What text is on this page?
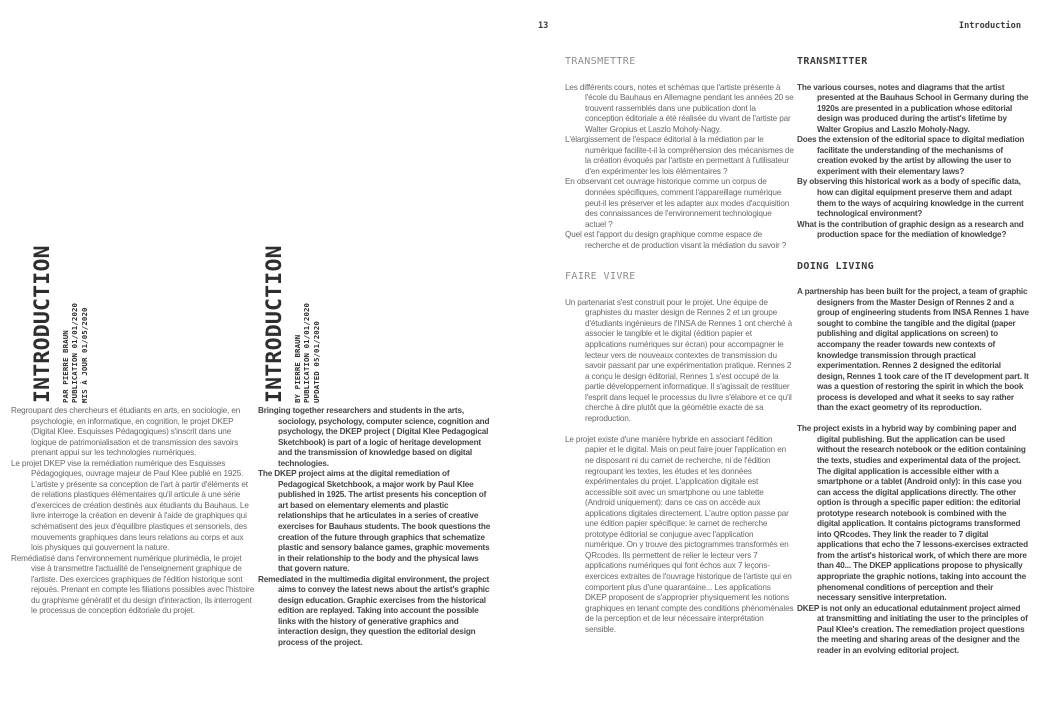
INTRODUCTION PAR PIERRE BRAUN PUBLICATION 01/01/2020 MIS À JOUR 01/05/2020	INTRODUCTION BY PIERRE BRAUN PUBLICATION 01/01/2020 UPDATED 05/01/2020

Regroupant des chercheurs et étudiants en arts, en sociologie, en psychologie, en informatique, en cognition, le projet DKEP (Digital Klee. Esquisses Pédagogiques) s'inscrit dans une logique de patrimonialisation et de transmission des savoirs prenant appui sur les technologies numériques.

Le projet DKEP vise la remédiation numérique des Esquisses Pédagogiques, ouvrage majeur de Paul Klee publié en 1925. L'artiste y présente sa conception de l'art à partir d'éléments et de relations plastiques élémentaires qu'il articule à une série d'exercices de création destinés aux étudiants du Bauhaus. Le livre interroge la création en devenir à l'aide de graphiques qui schématisent des jeux d'équilibre plastiques et sensoriels, des mouvements graphiques dans leurs relations au corps et aux lois physiques qui gouvernent la nature.

Remédiatisé dans l'environnement numérique plurimédia, le projet vise à transmettre l'actualité de l'enseignement graphique de l'artiste. Des exercices graphiques de l'édition historique sont rejoués. Prenant en compte les filiations possibles avec l'histoire du graphisme génératif et du design d'interaction, ils interrogent le processus de conception éditoriale du projet.

Bringing together researchers and students in the arts, sociology, psychology, computer science, cognition and psychology, the DKEP project ( Digital Klee Pedagogical Sketchbook) is part of a logic of heritage development and the transmission of knowledge based on digital technologies.

The DKEP project aims at the digital remediation of Pedagogical Sketchbook, a major work by Paul Klee published in 1925. The artist presents his conception of art based on elementary elements and plastic relationships that he articulates in a series of creative exercises for Bauhaus students. The book questions the creation of the future through graphics that schematize plastic and sensory balance games, graphic movements in their relationship to the body and the physical laws that govern nature.

Remediated in the multimedia digital environment, the project aims to convey the latest news about the artist's graphic design education. Graphic exercises from the historical edition are replayed. Taking into account the possible links with the history of generative graphics and interaction design, they question the editorial design process of the project.

13	Introduction
TRANSMETTRE

Les différents cours, notes et schémas que l'artiste présente à l'école du Bauhaus en Allemagne pendant les années 20 se trouvent rassemblés dans une publication dont la conception éditoriale a été réalisée du vivant de l'artiste par Walter Gropius et Laszlo Moholy-Nagy.

L'élargissement de l'espace éditorial à la médiation par le numérique facilite-t-il la compréhension des mécanismes de la création évoqués par l'artiste en permettant à l'utilisateur d'en expérimenter les lois élémentaires ?

En observant cet ouvrage historique comme un corpus de données spécifiques, comment l'appareillage numérique peut-il les préserver et les adapter aux modes d'acquisition des connaissances de l'environnement technologique actuel ?

Quel est l'apport du design graphique comme espace de recherche et de production visant la médiation du savoir ?

FAIRE VIVRE

Un partenariat s'est construit pour le projet. Une équipe de graphistes du master design de Rennes 2 et un groupe d'étudiants ingénieurs de l'INSA de Rennes 1 ont cherché à associer le tangible et le digital (édition papier et applications numériques sur écran) pour accompagner le lecteur vers de nouveaux contextes de transmission du savoir passant par une expérimentation pratique. Rennes 2 a conçu le design éditorial, Rennes 1 s'est occupé de la partie développement informatique. Il s'agissait de restituer l'esprit dans lequel le processus du livre s'élabore et ce qu'il cherche à dire plutôt que la géométrie exacte de sa reproduction.

Le projet existe d'une manière hybride en associant l'édition papier et le digital. Mais on peut faire jouer l'application en ne disposant ni du carnet de recherche, ni de l'édition regroupant les textes, les études et les données expérimentales du projet. L'application digitale est accessible soit avec un smartphone ou une tablette (Android uniquement): dans ce cas on accède aux applications digitales directement. L'autre option passe par une édition papier spécifique: le carnet de recherche prototype éditorial se conjugue avec l'application numérique. On y trouve des pictogrammes transformés en QRcodes. Ils permettent de relier le lecteur vers 7 applications numériques qui font échos aux 7 leçons-exercices extraites de l'ouvrage historique de l'artiste qui en comportent plus d'une quarantaine... Les applications DKEP proposent de s'approprier physiquement les notions graphiques en tenant compte des conditions phénoménales de la perception et de leur nécessaire interprétation sensible.

TRANSMITTER

The various courses, notes and diagrams that the artist presented at the Bauhaus School in Germany during the 1920s are presented in a publication whose editorial design was produced during the artist's lifetime by Walter Gropius and Laszlo Moholy-Nagy.

Does the extension of the editorial space to digital mediation facilitate the understanding of the mechanisms of creation evoked by the artist by allowing the user to experiment with their elementary laws?

By observing this historical work as a body of specific data, how can digital equipment preserve them and adapt them to the ways of acquiring knowledge in the current technological environment?

What is the contribution of graphic design as a research and production space for the mediation of knowledge?

DOING LIVING

A partnership has been built for the project, a team of graphic designers from the Master Design of Rennes 2 and a group of engineering students from INSA Rennes 1 have sought to combine the tangible and the digital (paper publishing and digital applications on screen) to accompany the reader towards new contexts of knowledge transmission through practical experimentation. Rennes 2 designed the editorial design, Rennes 1 took care of the IT development part. It was a question of restoring the spirit in which the book process is developed and what it seeks to say rather than the exact geometry of its reproduction.

The project exists in a hybrid way by combining paper and digital publishing. But the application can be used without the research notebook or the edition containing the texts, studies and experimental data of the project. The digital application is accessible either with a smartphone or a tablet (Android only): in this case you can access the digital applications directly. The other option is through a specific paper edition: the editorial prototype research notebook is combined with the digital application. It contains pictograms transformed into QRcodes. They link the reader to 7 digital applications that echo the 7 lessons-exercises extracted from the artist's historical work, of which there are more than 40... The DKEP applications propose to physically appropriate the graphic notions, taking into account the phenomenal conditions of perception and their necessary sensitive interpretation.

DKEP is not only an educational edutainment project aimed at transmitting and initiating the user to the principles of Paul Klee's creation. The remediation project questions the meeting and sharing areas of the designer and the reader in an evolving editorial project.
